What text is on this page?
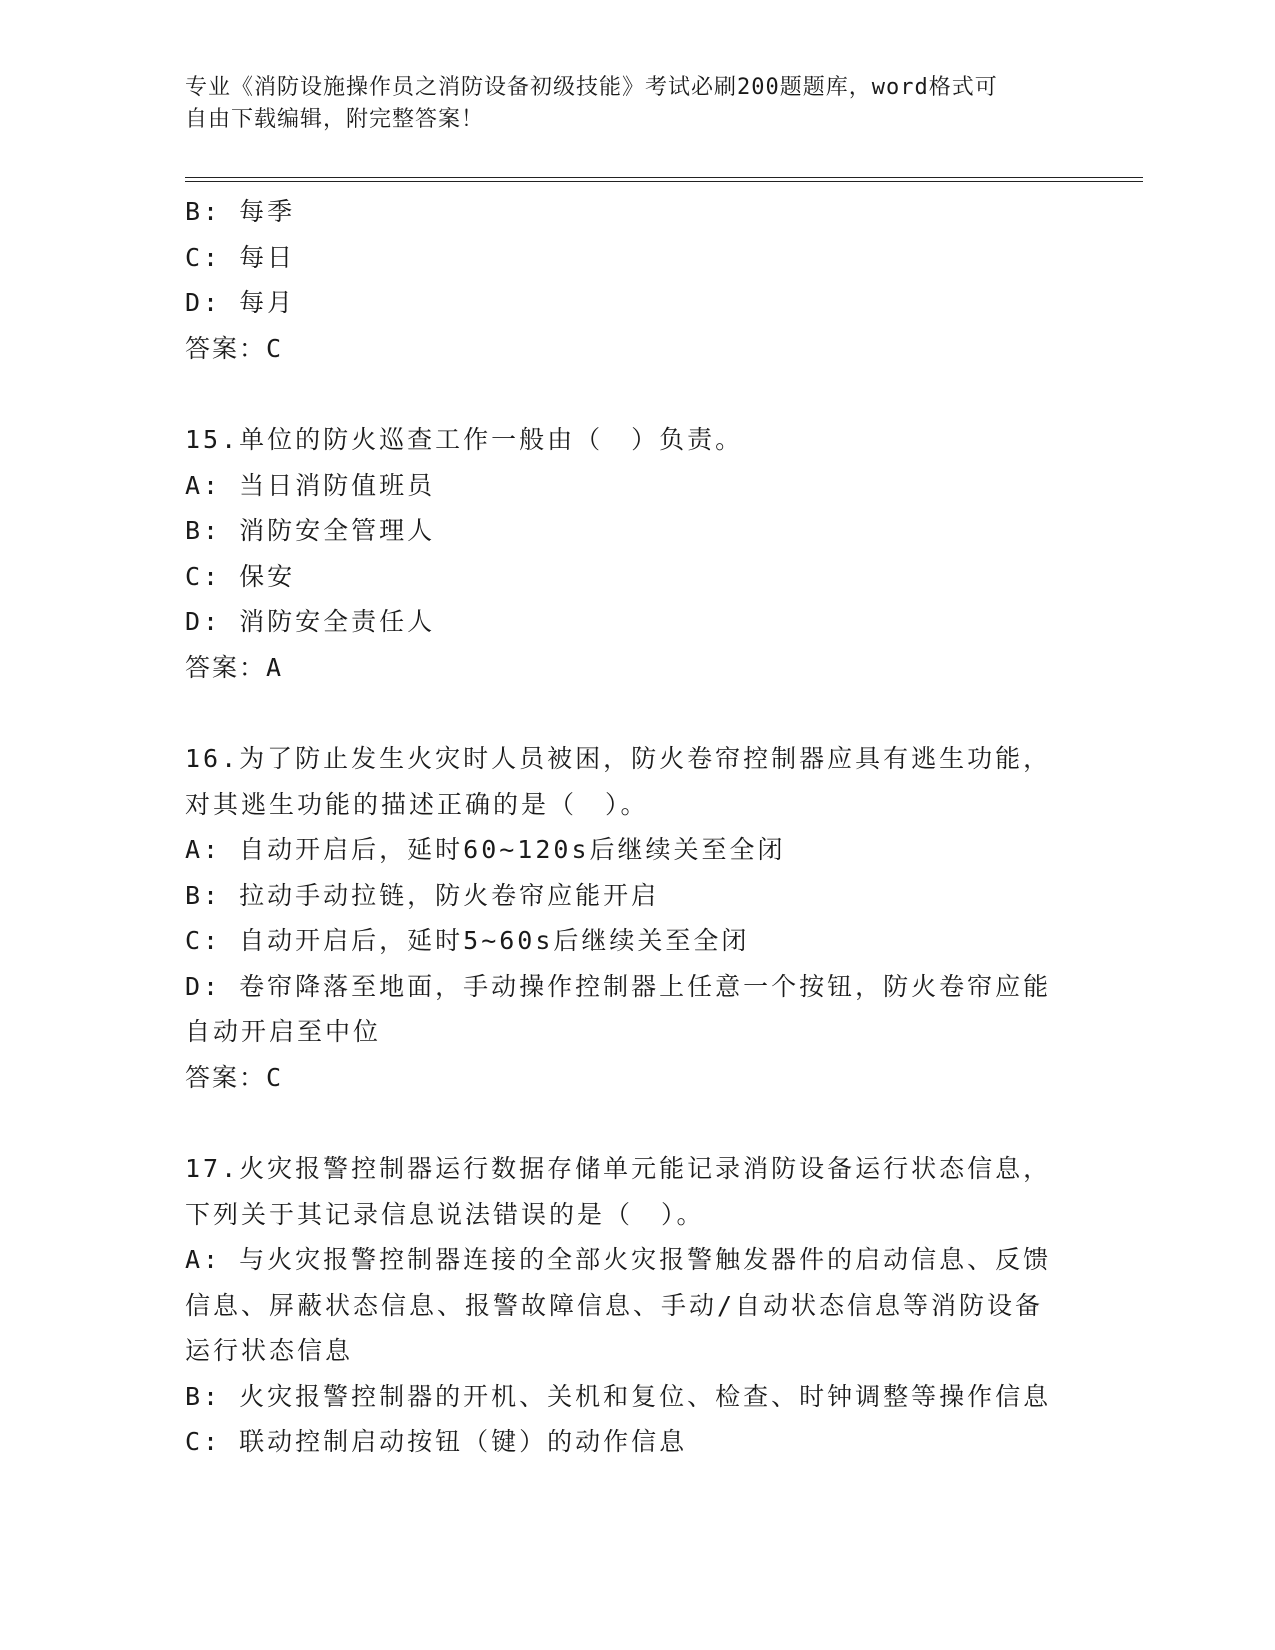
专业《消防设施操作员之消防设备初级技能》考试必刷200题题库，word格式可
自由下载编辑，附完整答案！
B: 每季
C: 每日
D: 每月
答案：C
15.单位的防火巡查工作一般由（　）负责。
A: 当日消防值班员
B: 消防安全管理人
C: 保安
D: 消防安全责任人
答案：A
16.为了防止发生火灾时人员被困，防火卷帘控制器应具有逃生功能，
对其逃生功能的描述正确的是（　）。
A: 自动开启后，延时60~120s后继续关至全闭
B: 拉动手动拉链，防火卷帘应能开启
C: 自动开启后，延时5~60s后继续关至全闭
D: 卷帘降落至地面，手动操作控制器上任意一个按钮，防火卷帘应能
自动开启至中位
答案：C
17.火灾报警控制器运行数据存储单元能记录消防设备运行状态信息，
下列关于其记录信息说法错误的是（　）。
A: 与火灾报警控制器连接的全部火灾报警触发器件的启动信息、反馈
信息、屏蔽状态信息、报警故障信息、手动/自动状态信息等消防设备
运行状态信息
B: 火灾报警控制器的开机、关机和复位、检查、时钟调整等操作信息
C: 联动控制启动按钮（键）的动作信息
